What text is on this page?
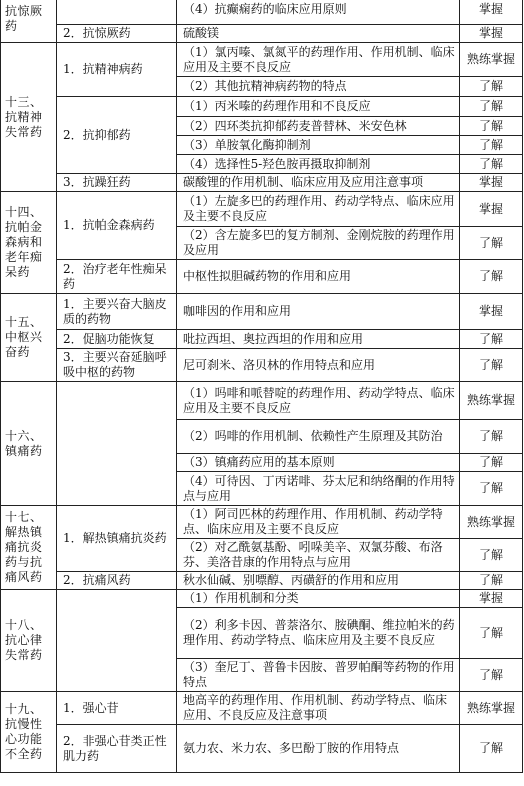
抗惊厥药		（4）抗癫痫药的临床应用原则	掌握
	2．抗惊厥药	硫酸镁	掌握
十三、抗精神失常药	1．抗精神病药	（1）氯丙嗪、氯氮平的药理作用、作用机制、临床应用及主要不良反应	熟练掌握
		（2）其他抗精神病药物的特点	了解
	2．抗抑郁药	（1）丙米嗪的药理作用和不良反应	了解
		（2）四环类抗抑郁药麦普替林、米安色林	了解
		（3）单胺氧化酶抑制剂	了解
		（4）选择性5-羟色胺再摄取抑制剂	了解
	3．抗躁狂药	碳酸锂的作用机制、临床应用及应用注意事项	掌握
十四、抗帕金森病和老年痴呆药	1．抗帕金森病药	（1）左旋多巴的药理作用、药动学特点、临床应用及主要不良反应	掌握
		（2）含左旋多巴的复方制剂、金刚烷胺的药理作用及应用	了解
	2．治疗老年性痴呆药	中枢性拟胆碱药物的作用和应用	了解
十五、中枢兴奋药	1．主要兴奋大脑皮质的药物	咖啡因的作用和应用	掌握
	2．促脑功能恢复	吡拉西坦、奥拉西坦的作用和应用	了解
	3．主要兴奋延脑呼吸中枢的药物	尼可刹米、洛贝林的作用特点和应用	了解
十六、镇痛药		（1）吗啡和哌替啶的药理作用、药动学特点、临床应用及主要不良反应	熟练掌握
		（2）吗啡的作用机制、依赖性产生原理及其防治	了解
		（3）镇痛药应用的基本原则	了解
		（4）可待因、丁丙诺啡、芬太尼和纳络酮的作用特点与应用	了解
十七、解热镇痛抗炎药与抗痛风药	1．解热镇痛抗炎药	（1）阿司匹林的药理作用、作用机制、药动学特点、临床应用及主要不良反应	熟练掌握
		（2）对乙酰氨基酚、吲哚美辛、双氯芬酸、布洛芬、美洛昔康的作用特点与应用	了解
	2．抗痛风药	秋水仙碱、别嘌醇、丙磺舒的作用和应用	了解
十八、抗心律失常药		（1）作用机制和分类	掌握
		（2）利多卡因、普萘洛尔、胺碘酮、维拉帕米的药理作用、药动学特点、临床应用及主要不良反应	了解
		（3）奎尼丁、普鲁卡因胺、普罗帕酮等药物的作用特点	了解
十九、抗慢性心功能不全药	1．强心苷	地高辛的药理作用、作用机制、药动学特点、临床应用、不良反应及注意事项	熟练掌握
	2．非强心苷类正性肌力药	氨力农、米力农、多巴酚丁胺的作用特点	了解
